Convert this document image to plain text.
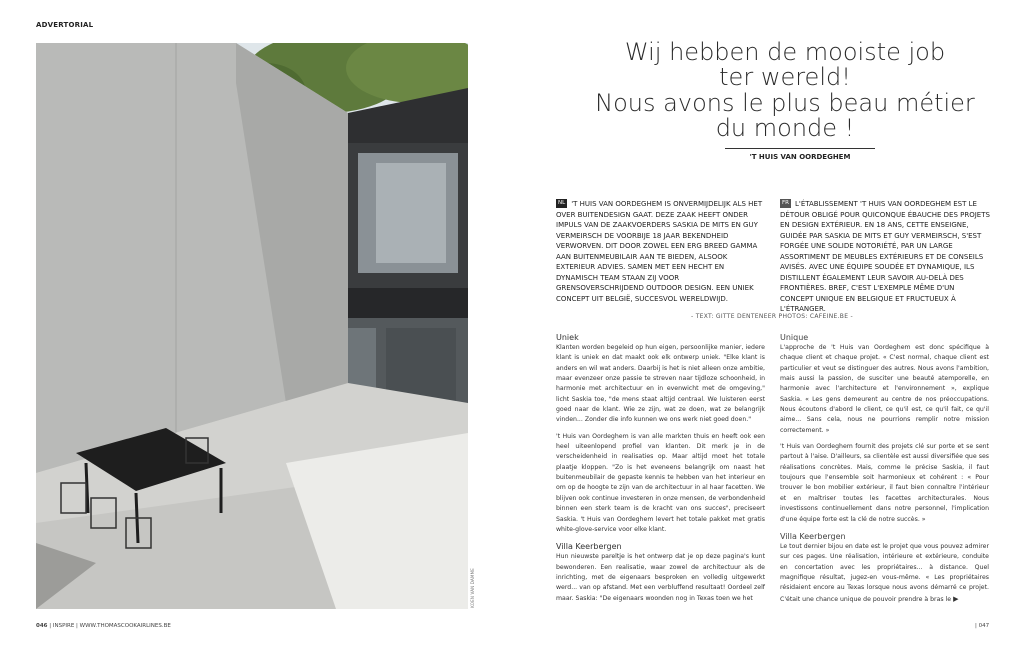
ADVERTORIAL
KOEN VAN DAMME
Wij hebben de mooiste job
ter wereld!
Nous avons le plus beau métier
du monde !
'T HUIS VAN OORDEGHEM
NL 'T HUIS VAN OORDEGHEM IS ONVERMIJDELIJK ALS HET OVER BUITENDESIGN GAAT. DEZE ZAAK HEEFT ONDER IMPULS VAN DE ZAAKVOERDERS SASKIA DE MITS EN GUY VERMEIRSCH DE VOORBIJE 18 JAAR BEKENDHEID VERWORVEN. DIT DOOR ZOWEL EEN ERG BREED GAMMA AAN BUITENMEUBILAIR AAN TE BIEDEN, ALSOOK EXTERIEUR ADVIES. SAMEN MET EEN HECHT EN DYNAMISCH TEAM STAAN ZIJ VOOR GRENSOVERSCHRIJDEND OUTDOOR DESIGN. EEN UNIEK CONCEPT UIT BELGIË, SUCCESVOL WERELDWIJD.
FR L'ÉTABLISSEMENT 'T HUIS VAN OORDEGHEM EST LE DÉTOUR OBLIGÉ POUR QUICONQUE ÉBAUCHE DES PROJETS EN DESIGN EXTÉRIEUR. EN 18 ANS, CETTE ENSEIGNE, GUIDÉE PAR SASKIA DE MITS ET GUY VERMEIRSCH, S'EST FORGÉE UNE SOLIDE NOTORIÉTÉ, PAR UN LARGE ASSORTIMENT DE MEUBLES EXTÉRIEURS ET DE CONSEILS AVISÉS. AVEC UNE ÉQUIPE SOUDÉE ET DYNAMIQUE, ILS DISTILLENT ÉGALEMENT LEUR SAVOIR AU-DELÀ DES FRONTIÈRES. BREF, C'EST L'EXEMPLE MÊME D'UN CONCEPT UNIQUE EN BELGIQUE ET FRUCTUEUX À L'ÉTRANGER.
- TEXT: GITTE DENTENEER PHOTOS: CAFEINE.BE -
Uniek

Klanten worden begeleid op hun eigen, persoonlijke manier, iedere klant is uniek en dat maakt ook elk ontwerp uniek. "Elke klant is anders en wil wat anders. Daarbij is het is niet alleen onze ambitie, maar evenzeer onze passie te streven naar tijdloze schoonheid, in harmonie met architectuur en in evenwicht met de omgeving," licht Saskia toe, "de mens staat altijd centraal. We luisteren eerst goed naar de klant. Wie ze zijn, wat ze doen, wat ze belangrijk vinden... Zonder die info kunnen we ons werk niet goed doen."

't Huis van Oordeghem is van alle markten thuis en heeft ook een heel uiteenlopend profiel van klanten. Dit merk je in de verscheidenheid in realisaties op. Maar altijd moet het totale plaatje kloppen. "Zo is het eveneens belangrijk om naast het buitenmeubilair de gepaste kennis te hebben van het interieur en om op de hoogte te zijn van de architectuur in al haar facetten. We blijven ook continue investeren in onze mensen, de verbondenheid binnen een sterk team is de kracht van ons succes", preciseert Saskia. 't Huis van Oordeghem levert het totale pakket met gratis white-glove-service voor elke klant.

Villa Keerbergen

Hun nieuwste pareltje is het ontwerp dat je op deze pagina's kunt bewonderen. Een realisatie, waar zowel de architectuur als de inrichting, met de eigenaars besproken en volledig uitgewerkt werd... van op afstand. Met een verbluffend resultaat! Oordeel zelf maar. Saskia: "De eigenaars woonden nog in Texas toen we het

Unique

L'approche de 't Huis van Oordeghem est donc spécifique à chaque client et chaque projet. « C'est normal, chaque client est particulier et veut se distinguer des autres. Nous avons l'ambition, mais aussi la passion, de susciter une beauté atemporelle, en harmonie avec l'architecture et l'environnement », explique Saskia. « Les gens demeurent au centre de nos préoccupations. Nous écoutons d'abord le client, ce qu'il est, ce qu'il fait, ce qu'il aime... Sans cela, nous ne pourrions remplir notre mission correctement. »

't Huis van Oordeghem fournit des projets clé sur porte et se sent partout à l'aise. D'ailleurs, sa clientèle est aussi diversifiée que ses réalisations concrètes. Mais, comme le précise Saskia, il faut toujours que l'ensemble soit harmonieux et cohérent : « Pour trouver le bon mobilier extérieur, il faut bien connaître l'intérieur et en maîtriser toutes les facettes architecturales. Nous investissons continuellement dans notre personnel, l'implication d'une équipe forte est la clé de notre succès. »

Villa Keerbergen

Le tout dernier bijou en date est le projet que vous pouvez admirer sur ces pages. Une réalisation, intérieure et extérieure, conduite en concertation avec les propriétaires... à distance. Quel magnifique résultat, jugez-en vous-même. « Les propriétaires résidaient encore au Texas lorsque nous avons démarré ce projet. C'était une chance unique de pouvoir prendre à bras le ▶

046 | INSPIRE | WWW.THOMASCOOKAIRLINES.BE	| 047
